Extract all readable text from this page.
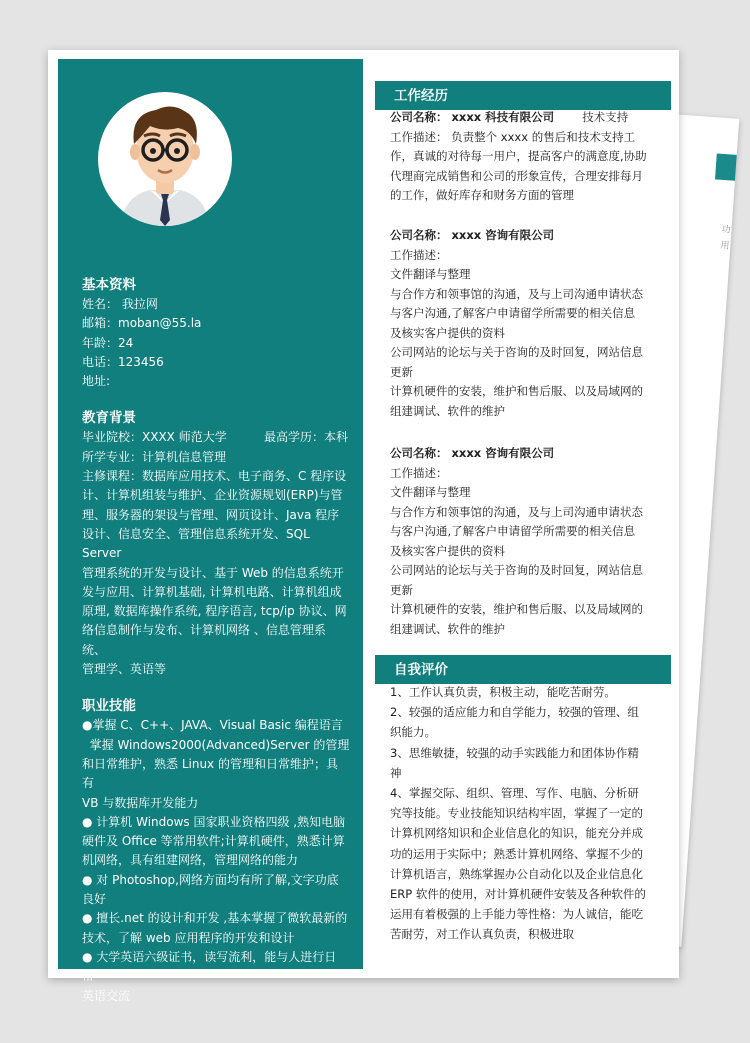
功
用
基本资料
姓名： 我拉网
邮箱：moban@55.la
年龄：24
电话：123456
地址:
教育背景
毕业院校：XXXX 师范大学	最高学历：本科
所学专业：计算机信息管理
主修课程：数据库应用技术、电子商务、C 程序设
计、计算机组装与维护、企业资源规划(ERP)与管
理、服务器的架设与管理、网页设计、Java 程序
设计、信息安全、管理信息系统开发、SQL Server
管理系统的开发与设计、基于 Web 的信息系统开
发与应用、计算机基础, 计算机电路、计算机组成
原理, 数据库操作系统, 程序语言, tcp/ip 协议、网
络信息制作与发布、计算机网络 、信息管理系统、
管理学、英语等
职业技能
●掌握 C、C++、JAVA、Visual Basic 编程语言
掌握 Windows2000(Advanced)Server 的管理
和日常维护，熟悉 Linux 的管理和日常维护；具有
VB 与数据库开发能力
● 计算机 Windows 国家职业资格四级 ,熟知电脑
硬件及 Office 等常用软件;计算机硬件，熟悉计算
机网络，具有组建网络，管理网络的能力
● 对 Photoshop,网络方面均有所了解,文字功底
良好
● 擅长.net 的设计和开发 ,基本掌握了微软最新的
技术，了解 web 应用程序的开发和设计
● 大学英语六级证书，读写流利，能与人进行日常
英语交流
工作经历
公司名称： xxxx 科技有限公司 技术支持
工作描述： 负责整个 xxxx 的售后和技术支持工
作，真诚的对待每一用户，提高客户的满意度,协助
代理商完成销售和公司的形象宣传，合理安排每月
的工作，做好库存和财务方面的管理
公司名称： xxxx 咨询有限公司
工作描述：
文件翻译与整理
与合作方和领事馆的沟通，及与上司沟通申请状态
与客户沟通,了解客户申请留学所需要的相关信息
及核实客户提供的资料
公司网站的论坛与关于咨询的及时回复，网站信息
更新
计算机硬件的安装，维护和售后服、以及局域网的
组建调试、软件的维护
公司名称： xxxx 咨询有限公司
工作描述：
文件翻译与整理
与合作方和领事馆的沟通，及与上司沟通申请状态
与客户沟通,了解客户申请留学所需要的相关信息
及核实客户提供的资料
公司网站的论坛与关于咨询的及时回复，网站信息
更新
计算机硬件的安装，维护和售后服、以及局域网的
组建调试、软件的维护
自我评价
1、工作认真负责，积极主动，能吃苦耐劳。
2、较强的适应能力和自学能力，较强的管理、组
织能力。
3、思维敏捷，较强的动手实践能力和团体协作精
神
4、掌握交际、组织、管理、写作、电脑、分析研
究等技能。专业技能知识结构牢固，掌握了一定的
计算机网络知识和企业信息化的知识，能充分并成
功的运用于实际中；熟悉计算机网络、掌握不少的
计算机语言，熟练掌握办公自动化以及企业信息化
ERP 软件的使用，对计算机硬件安装及各种软件的
运用有着极强的上手能力等性格：为人诚信，能吃
苦耐劳，对工作认真负责，积极进取
